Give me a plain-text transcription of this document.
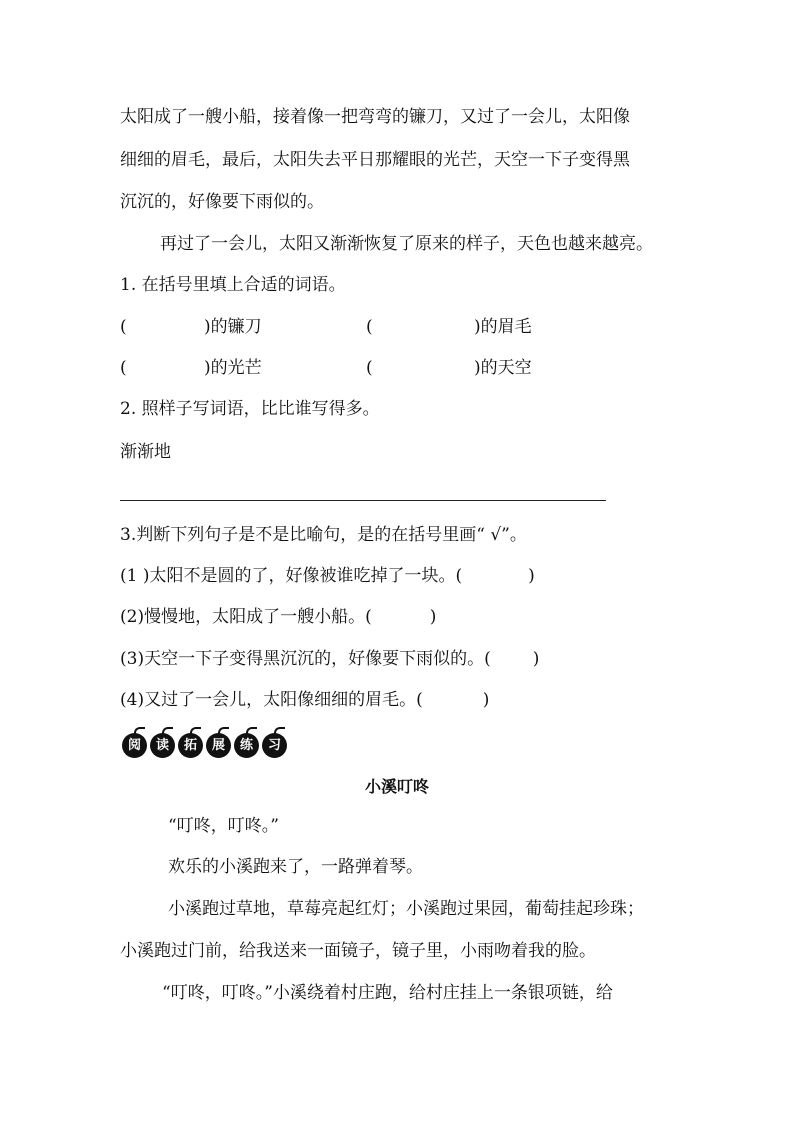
太阳成了一艘小船，接着像一把弯弯的镰刀，又过了一会儿，太阳像
细细的眉毛，最后，太阳失去平日那耀眼的光芒，天空一下子变得黑
沉沉的，好像要下雨似的。
再过了一会儿，太阳又渐渐恢复了原来的样子，天色也越来越亮。
1. 在括号里填上合适的词语。
(	)的镰刀	(	)的眉毛
(	)的光芒	(	)的天空
2. 照样子写词语，比比谁写得多。
渐渐地
3.判断下列句子是不是比喻句，是的在括号里画“ √”。
(1 )太阳不是圆的了，好像被谁吃掉了一块。(	)
(2)慢慢地，太阳成了一艘小船。(	)
(3)天空一下子变得黑沉沉的，好像要下雨似的。( )
(4)又过了一会儿，太阳像细细的眉毛。(	)
阅	读	拓	展	练	习
小溪叮咚
“叮咚，叮咚。”
欢乐的小溪跑来了，一路弹着琴。
小溪跑过草地，草莓亮起红灯；小溪跑过果园，葡萄挂起珍珠；
小溪跑过门前，给我送来一面镜子，镜子里，小雨吻着我的脸。
“叮咚，叮咚。”小溪绕着村庄跑，给村庄挂上一条银项链，给
